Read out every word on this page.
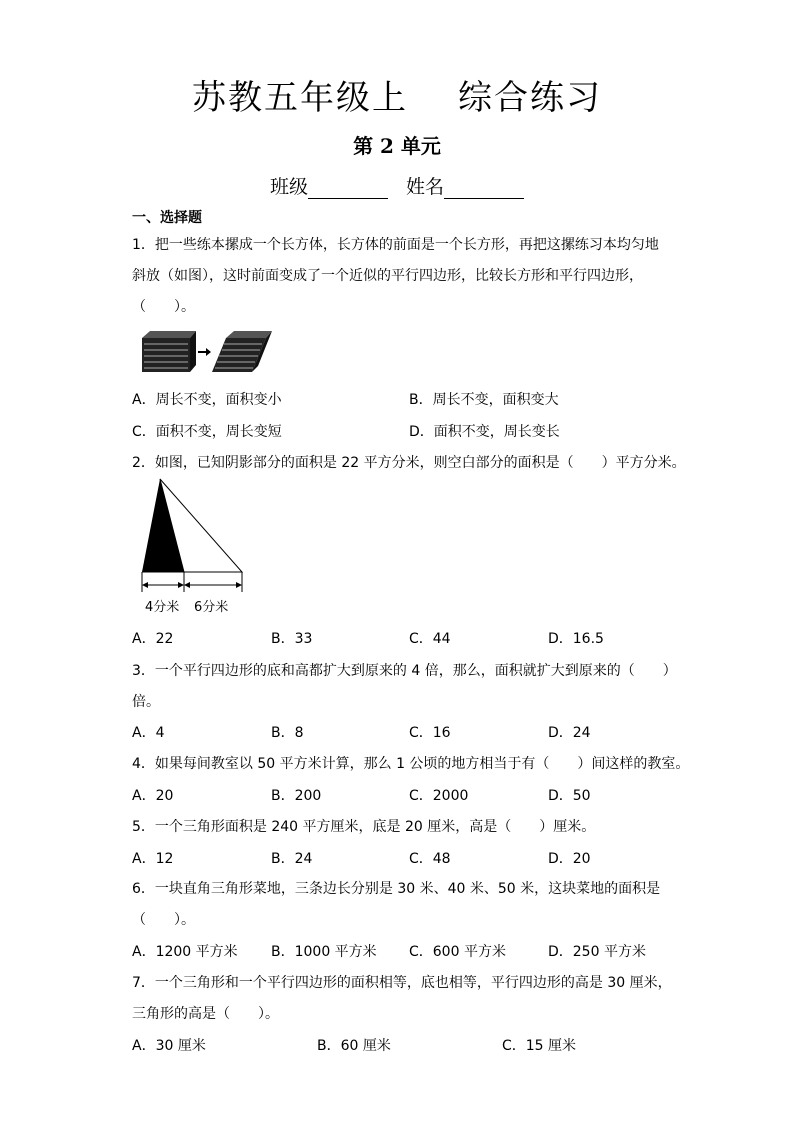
苏教五年级上 综合练习
第 2 单元
班级	姓名
一、选择题
1．把一些练本摞成一个长方体，长方体的前面是一个长方形，再把这摞练习本均匀地
斜放（如图），这时前面变成了一个近似的平行四边形，比较长方形和平行四边形，
（　　）。
A．周长不变，面积变小	B．周长不变，面积变大
C．面积不变，周长变短	D．面积不变，周长变长
2．如图，已知阴影部分的面积是 22 平方分米，则空白部分的面积是（　　）平方分米。
4分米 6分米
A．22	B．33	C．44	D．16.5
3．一个平行四边形的底和高都扩大到原来的 4 倍，那么，面积就扩大到原来的（　　）
倍。
A．4	B．8	C．16	D．24
4．如果每间教室以 50 平方米计算，那么 1 公顷的地方相当于有（　　）间这样的教室。
A．20	B．200	C．2000	D．50
5．一个三角形面积是 240 平方厘米，底是 20 厘米，高是（　　）厘米。
A．12	B．24	C．48	D．20
6．一块直角三角形菜地，三条边长分别是 30 米、40 米、50 米，这块菜地的面积是
（　　）。
A．1200 平方米 B．1000 平方米 C．600 平方米	D．250 平方米
7．一个三角形和一个平行四边形的面积相等，底也相等，平行四边形的高是 30 厘米，
三角形的高是（　　）。
A．30 厘米	B．60 厘米	C．15 厘米
